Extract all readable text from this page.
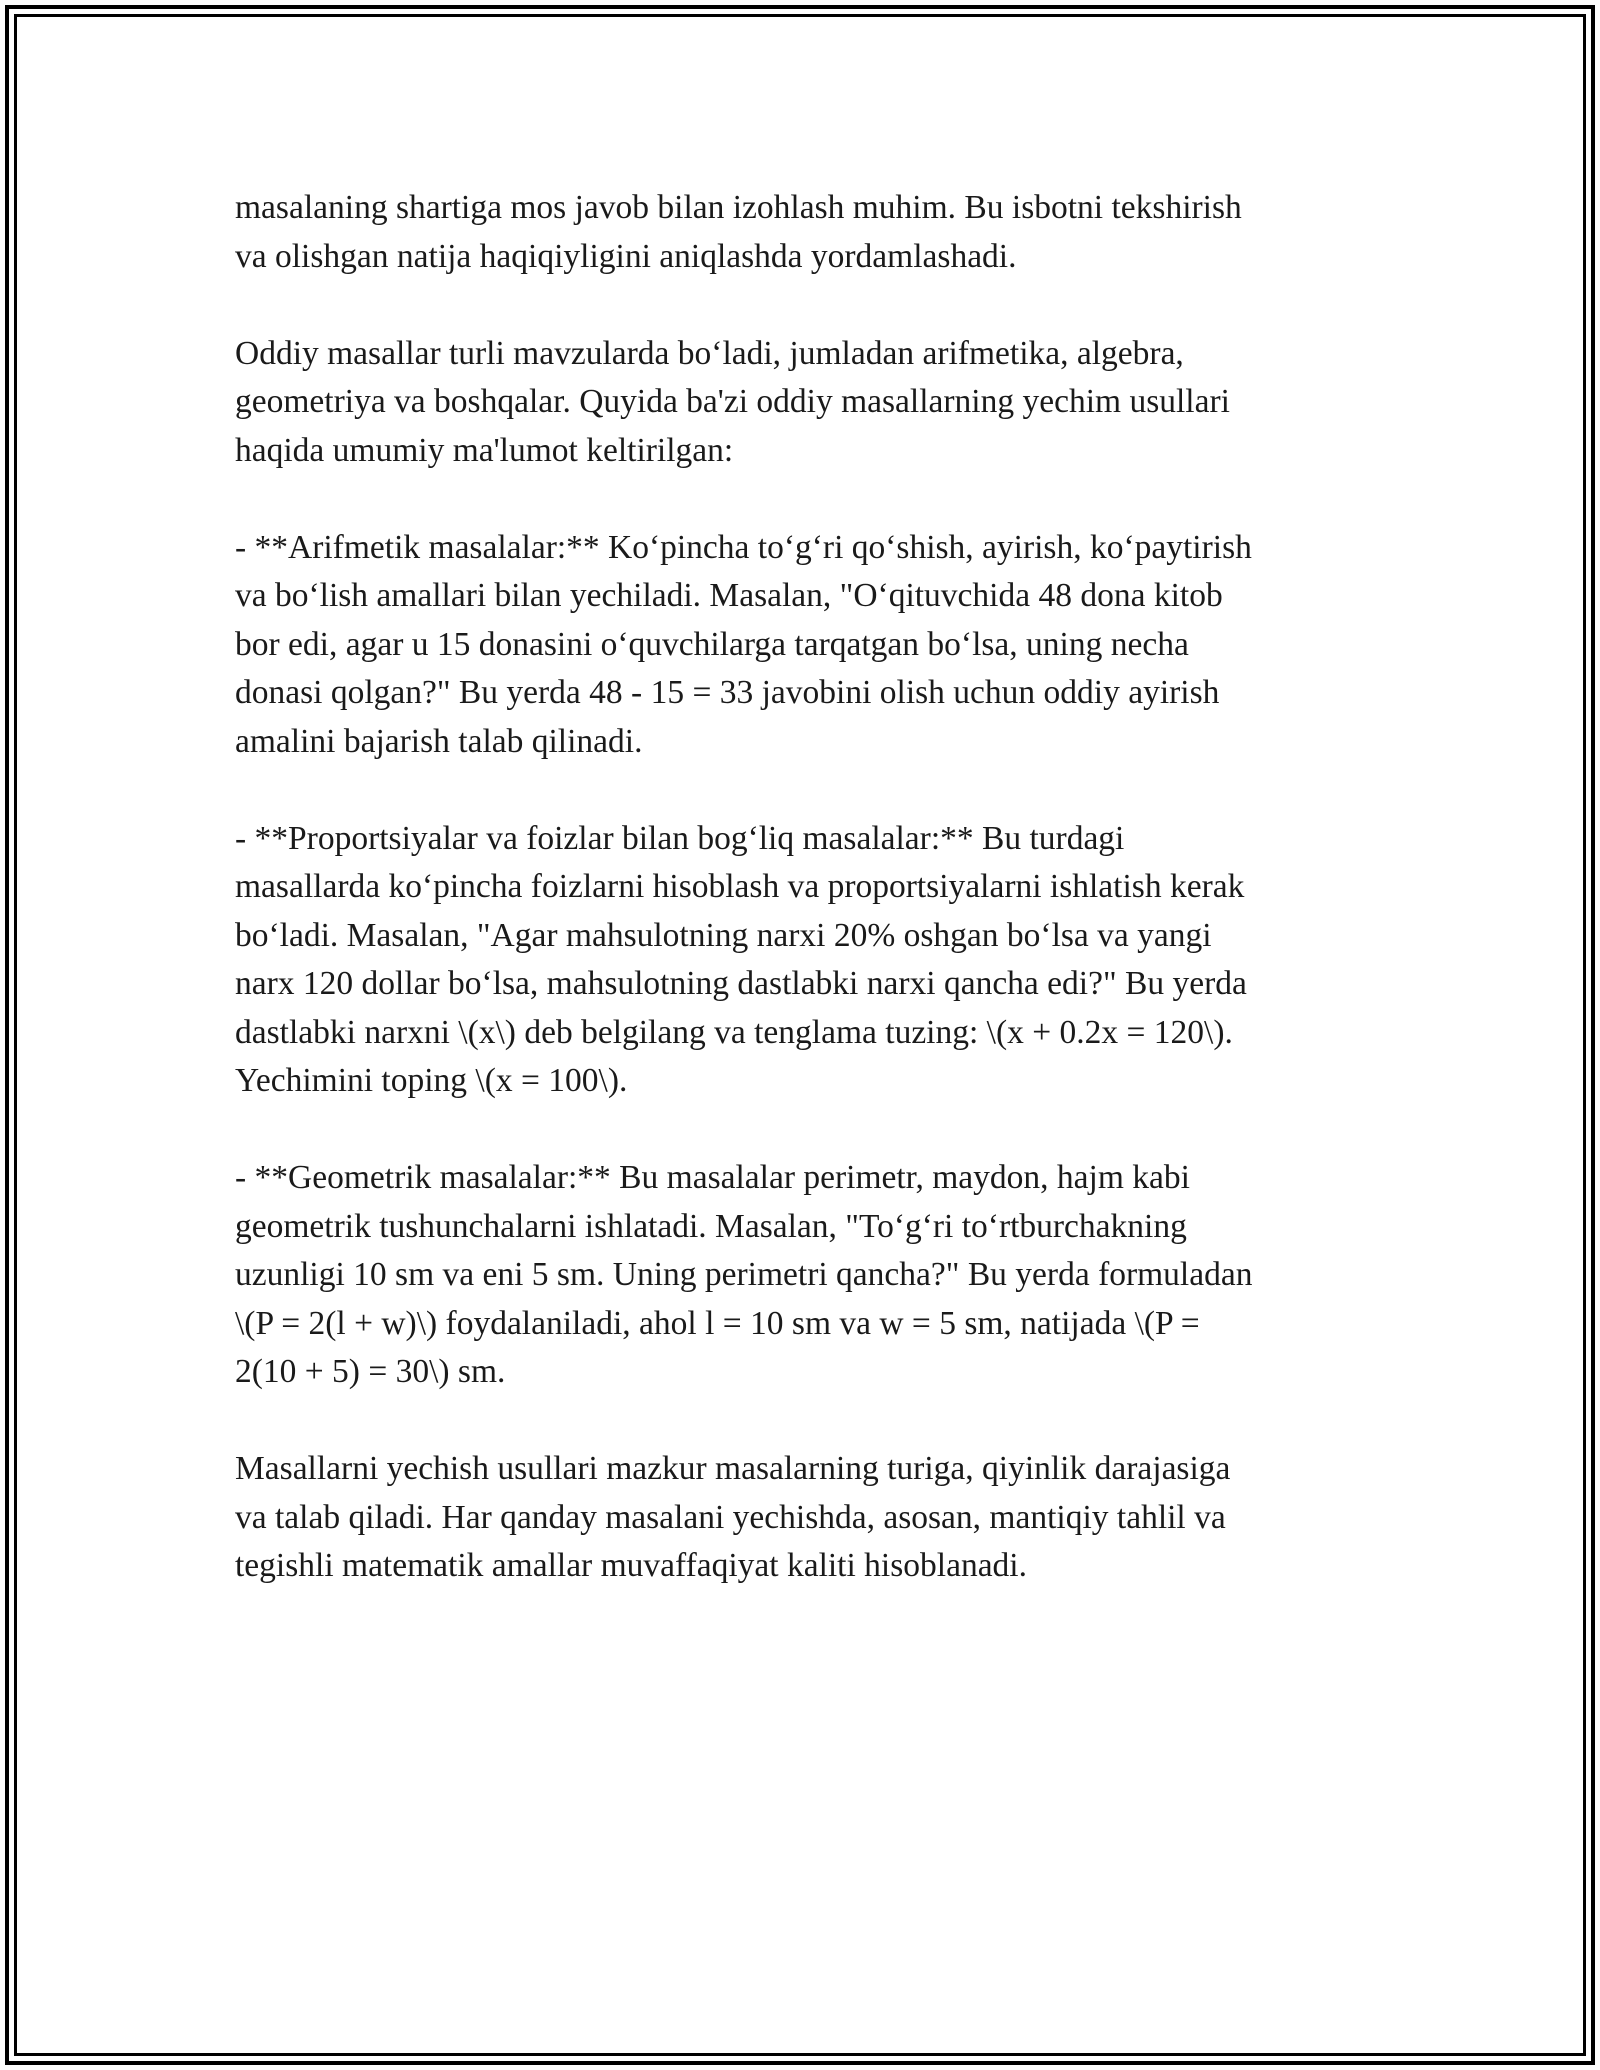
masalaning shartiga mos javob bilan izohlash muhim. Bu isbotni tekshirish
va olishgan natija haqiqiyligini aniqlashda yordamlashadi.

Oddiy masallar turli mavzularda bo‘ladi, jumladan arifmetika, algebra,
geometriya va boshqalar. Quyida ba'zi oddiy masallarning yechim usullari
haqida umumiy ma'lumot keltirilgan:

- **Arifmetik masalalar:** Ko‘pincha to‘g‘ri qo‘shish, ayirish, ko‘paytirish
va bo‘lish amallari bilan yechiladi. Masalan, "O‘qituvchida 48 dona kitob
bor edi, agar u 15 donasini o‘quvchilarga tarqatgan bo‘lsa, uning necha
donasi qolgan?" Bu yerda 48 - 15 = 33 javobini olish uchun oddiy ayirish
amalini bajarish talab qilinadi.

- **Proportsiyalar va foizlar bilan bog‘liq masalalar:** Bu turdagi
masallarda ko‘pincha foizlarni hisoblash va proportsiyalarni ishlatish kerak
bo‘ladi. Masalan, "Agar mahsulotning narxi 20% oshgan bo‘lsa va yangi
narx 120 dollar bo‘lsa, mahsulotning dastlabki narxi qancha edi?" Bu yerda
dastlabki narxni \(x\) deb belgilang va tenglama tuzing: \(x + 0.2x = 120\).
Yechimini toping \(x = 100\).

- **Geometrik masalalar:** Bu masalalar perimetr, maydon, hajm kabi
geometrik tushunchalarni ishlatadi. Masalan, "To‘g‘ri to‘rtburchakning
uzunligi 10 sm va eni 5 sm. Uning perimetri qancha?" Bu yerda formuladan
\(P = 2(l + w)\) foydalaniladi, ahol l = 10 sm va w = 5 sm, natijada \(P =
2(10 + 5) = 30\) sm.

Masallarni yechish usullari mazkur masalarning turiga, qiyinlik darajasiga
va talab qiladi. Har qanday masalani yechishda, asosan, mantiqiy tahlil va
tegishli matematik amallar muvaffaqiyat kaliti hisoblanadi.
